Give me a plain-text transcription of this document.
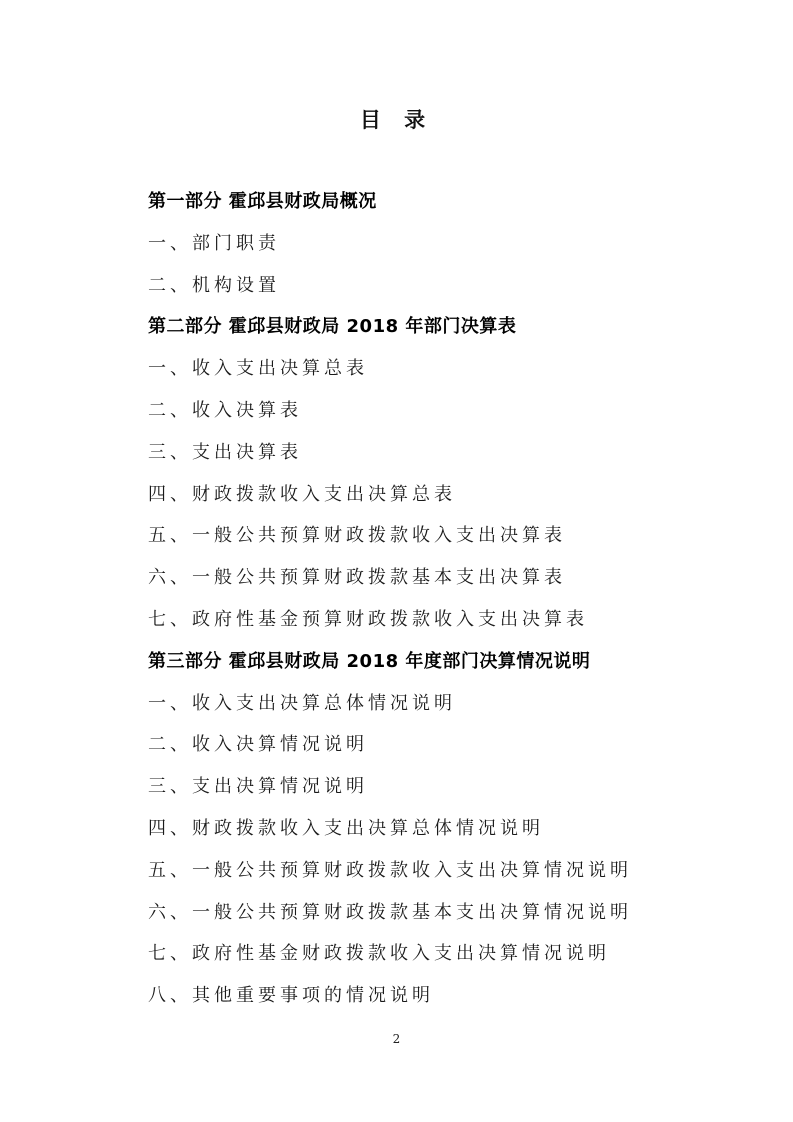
目 录
第一部分 霍邱县财政局概况
一、部门职责
二、机构设置
第二部分 霍邱县财政局 2018 年部门决算表
一、收入支出决算总表
二、收入决算表
三、支出决算表
四、财政拨款收入支出决算总表
五、一般公共预算财政拨款收入支出决算表
六、一般公共预算财政拨款基本支出决算表
七、政府性基金预算财政拨款收入支出决算表
第三部分 霍邱县财政局 2018 年度部门决算情况说明
一、收入支出决算总体情况说明
二、收入决算情况说明
三、支出决算情况说明
四、财政拨款收入支出决算总体情况说明
五、一般公共预算财政拨款收入支出决算情况说明
六、一般公共预算财政拨款基本支出决算情况说明
七、政府性基金财政拨款收入支出决算情况说明
八、其他重要事项的情况说明
2
